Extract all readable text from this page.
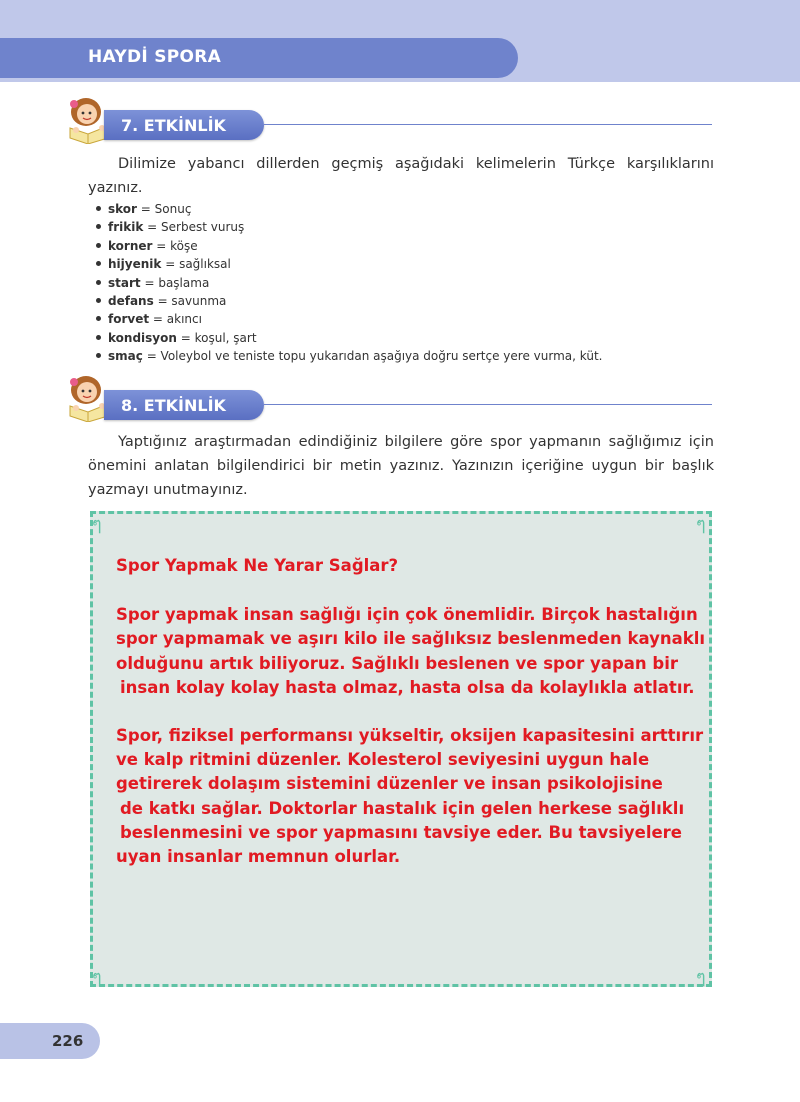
HAYDİ SPORA
7. ETKİNLİK

Dilimize yabancı dillerden geçmiş aşağıdaki kelimelerin Türkçe karşılıklarını yazınız.

skor = Sonuç
frikik = Serbest vuruş
korner = köşe
hijyenik = sağlıksal
start = başlama
defans = savunma
forvet = akıncı
kondisyon = koşul, şart
smaç = Voleybol ve teniste topu yukarıdan aşağıya doğru sertçe yere vurma, küt.
8. ETKİNLİK

Yaptığınız araştırmadan edindiğiniz bilgilere göre spor yapmanın sağlığımız için önemini anlatan bilgilendirici bir metin yazınız. Yazınızın içeriğine uygun bir başlık yazmayı unutmayınız.

ๆ	ๆ
ๆ	ๆ

Spor Yapmak Ne Yarar Sağlar?

Spor yapmak insan sağlığı için çok önemlidir. Birçok hastalığın

spor yapmamak ve aşırı kilo ile sağlıksız beslenmeden kaynaklı

olduğunu artık biliyoruz. Sağlıklı beslenen ve spor yapan bir

insan kolay kolay hasta olmaz, hasta olsa da kolaylıkla atlatır.

Spor, fiziksel performansı yükseltir, oksijen kapasitesini arttırır

ve kalp ritmini düzenler. Kolesterol seviyesini uygun hale

getirerek dolaşım sistemini düzenler ve insan psikolojisine

de katkı sağlar. Doktorlar hastalık için gelen herkese sağlıklı

beslenmesini ve spor yapmasını tavsiye eder. Bu tavsiyelere

uyan insanlar memnun olurlar.

226
